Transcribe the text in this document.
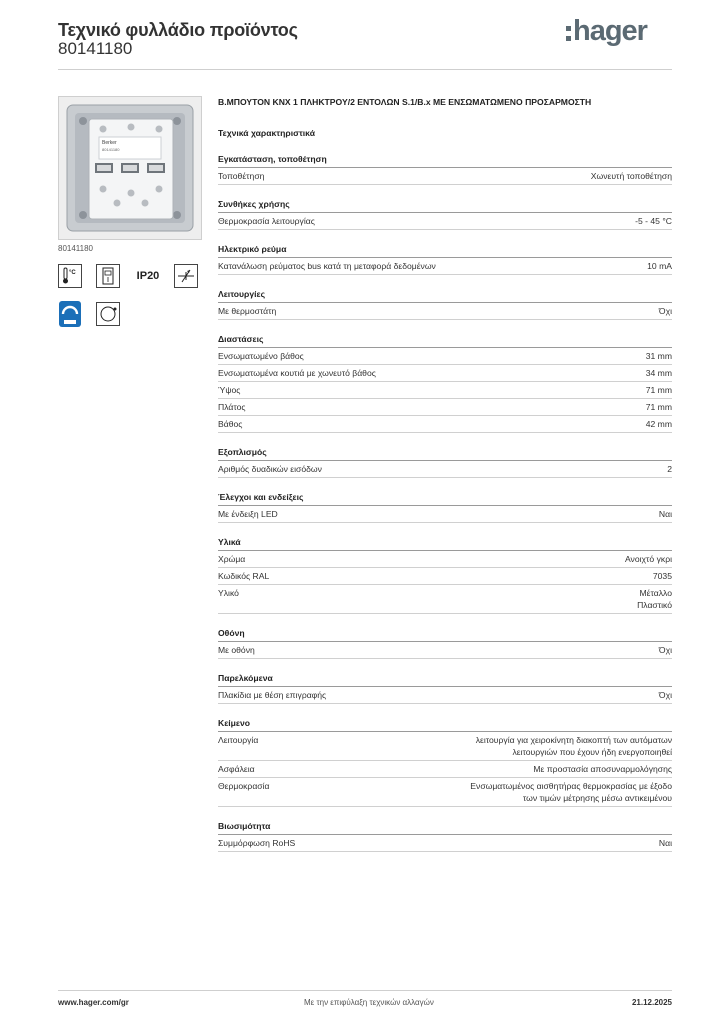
Τεχνικό φυλλάδιο προϊόντος
80141180
hager
Berker
80141180
80141180
°C	IP20
Β.ΜΠΟΥΤΟΝ KNX 1 ΠΛΗΚΤΡΟΥ/2 ΕΝΤΟΛΩΝ S.1/B.x ΜΕ ΕΝΣΩΜΑΤΩΜΕΝΟ ΠΡΟΣΑΡΜΟΣΤΗ
Τεχνικά χαρακτηριστικά
Εγκατάσταση, τοποθέτηση
Τοποθέτηση	Χωνευτή τοποθέτηση
Συνθήκες χρήσης
Θερμοκρασία λειτουργίας	-5 - 45 °C
Ηλεκτρικό ρεύμα
Κατανάλωση ρεύματος bus κατά τη μεταφορά δεδομένων	10 mA
Λειτουργίες
Με θερμοστάτη	Όχι
Διαστάσεις
Ενσωματωμένο βάθος	31 mm
Ενσωματωμένα κουτιά με χωνευτό βάθος	34 mm
Ύψος	71 mm
Πλάτος	71 mm
Βάθος	42 mm
Εξοπλισμός
Αριθμός δυαδικών εισόδων	2
Έλεγχοι και ενδείξεις
Με ένδειξη LED	Ναι
Υλικά
Χρώμα	Ανοιχτό γκρι
Κωδικός RAL	7035
Υλικό	Μέταλλο
Πλαστικό
Οθόνη
Με οθόνη	Όχι
Παρελκόμενα
Πλακίδια με θέση επιγραφής	Όχι
Κείμενο
Λειτουργία	λειτουργία για χειροκίνητη διακοπτή των αυτόματων λειτουργιών που έχουν ήδη ενεργοποιηθεί
Ασφάλεια	Με προστασία αποσυναρμολόγησης
Θερμοκρασία	Ενσωματωμένος αισθητήρας θερμοκρασίας με έξοδο των τιμών μέτρησης μέσω αντικειμένου
Βιωσιμότητα
Συμμόρφωση RoHS	Ναι
www.hager.com/gr	Με την επιφύλαξη τεχνικών αλλαγών	21.12.2025
